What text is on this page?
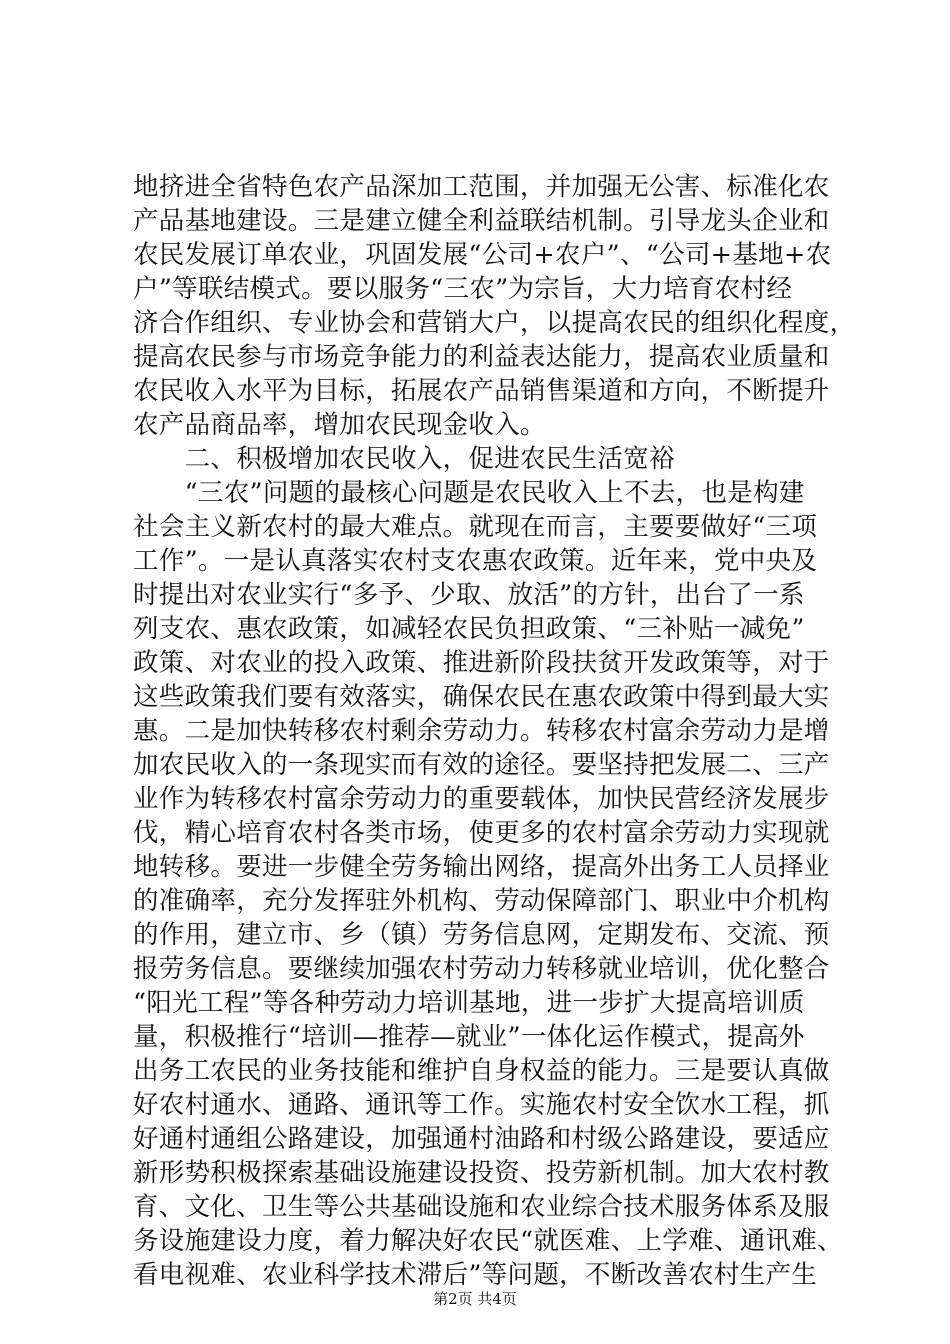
地挤进全省特色农产品深加工范围，并加强无公害、标准化农
产品基地建设。三是建立健全利益联结机制。引导龙头企业和
农民发展订单农业，巩固发展“公司+农户”、“公司+基地+农
户”等联结模式。要以服务“三农”为宗旨，大力培育农村经
济合作组织、专业协会和营销大户，以提高农民的组织化程度，
提高农民参与市场竞争能力的利益表达能力，提高农业质量和
农民收入水平为目标，拓展农产品销售渠道和方向，不断提升
农产品商品率，增加农民现金收入。
　　二、积极增加农民收入，促进农民生活宽裕
　　“三农”问题的最核心问题是农民收入上不去，也是构建
社会主义新农村的最大难点。就现在而言，主要要做好“三项
工作”。一是认真落实农村支农惠农政策。近年来，党中央及
时提出对农业实行“多予、少取、放活”的方针，出台了一系
列支农、惠农政策，如减轻农民负担政策、“三补贴一减免”
政策、对农业的投入政策、推进新阶段扶贫开发政策等，对于
这些政策我们要有效落实，确保农民在惠农政策中得到最大实
惠。二是加快转移农村剩余劳动力。转移农村富余劳动力是增
加农民收入的一条现实而有效的途径。要坚持把发展二、三产
业作为转移农村富余劳动力的重要载体，加快民营经济发展步
伐，精心培育农村各类市场，使更多的农村富余劳动力实现就
地转移。要进一步健全劳务输出网络，提高外出务工人员择业
的准确率，充分发挥驻外机构、劳动保障部门、职业中介机构
的作用，建立市、乡（镇）劳务信息网，定期发布、交流、预
报劳务信息。要继续加强农村劳动力转移就业培训，优化整合
“阳光工程”等各种劳动力培训基地，进一步扩大提高培训质
量，积极推行“培训—推荐—就业”一体化运作模式，提高外
出务工农民的业务技能和维护自身权益的能力。三是要认真做
好农村通水、通路、通讯等工作。实施农村安全饮水工程，抓
好通村通组公路建设，加强通村油路和村级公路建设，要适应
新形势积极探索基础设施建设投资、投劳新机制。加大农村教
育、文化、卫生等公共基础设施和农业综合技术服务体系及服
务设施建设力度，着力解决好农民“就医难、上学难、通讯难、
看电视难、农业科学技术滞后”等问题，不断改善农村生产生
第2页 共4页
